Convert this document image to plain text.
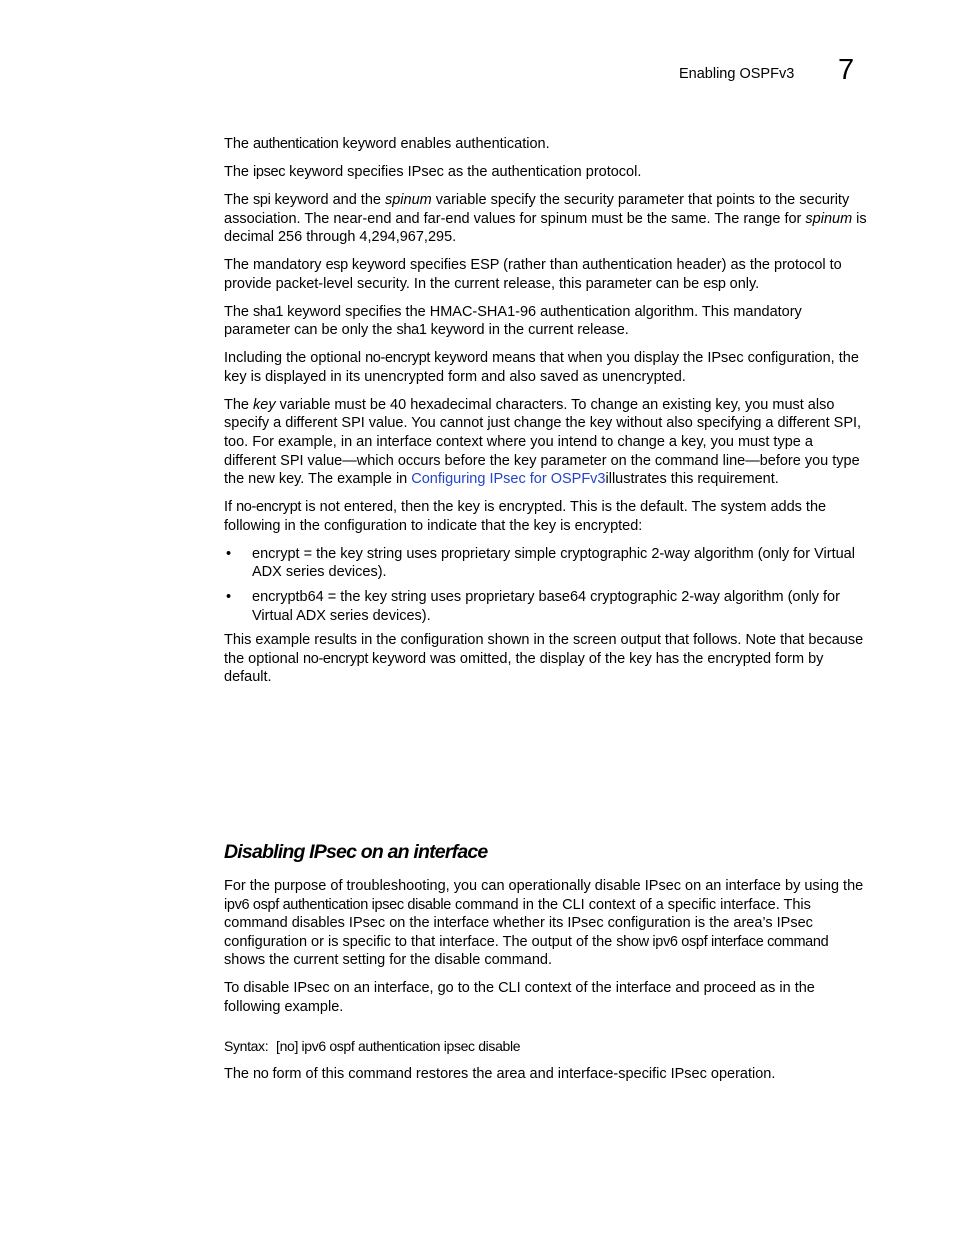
Enabling OSPFv3 7

The authentication keyword enables authentication.

The ipsec keyword specifies IPsec as the authentication protocol.

The spi keyword and the spinum variable specify the security parameter that points to the security association. The near-end and far-end values for spinum must be the same. The range for spinum is decimal 256 through 4,294,967,295.

The mandatory esp keyword specifies ESP (rather than authentication header) as the protocol to provide packet-level security. In the current release, this parameter can be esp only.

The sha1 keyword specifies the HMAC-SHA1-96 authentication algorithm. This mandatory parameter can be only the sha1 keyword in the current release.

Including the optional no-encrypt keyword means that when you display the IPsec configuration, the key is displayed in its unencrypted form and also saved as unencrypted.

The key variable must be 40 hexadecimal characters. To change an existing key, you must also specify a different SPI value. You cannot just change the key without also specifying a different SPI, too. For example, in an interface context where you intend to change a key, you must type a different SPI value—which occurs before the key parameter on the command line—before you type the new key. The example in Configuring IPsec for OSPFv3illustrates this requirement.

If no-encrypt is not entered, then the key is encrypted. This is the default. The system adds the following in the configuration to indicate that the key is encrypted:

• encrypt = the key string uses proprietary simple cryptographic 2-way algorithm (only for Virtual ADX series devices).
• encryptb64 = the key string uses proprietary base64 cryptographic 2-way algorithm (only for Virtual ADX series devices).

This example results in the configuration shown in the screen output that follows. Note that because the optional no-encrypt keyword was omitted, the display of the key has the encrypted form by default.

Disabling IPsec on an interface

For the purpose of troubleshooting, you can operationally disable IPsec on an interface by using the ipv6 ospf authentication ipsec disable command in the CLI context of a specific interface. This command disables IPsec on the interface whether its IPsec configuration is the area’s IPsec configuration or is specific to that interface. The output of the show ipv6 ospf interface command shows the current setting for the disable command.

To disable IPsec on an interface, go to the CLI context of the interface and proceed as in the following example.

Syntax: [no] ipv6 ospf authentication ipsec disable

The no form of this command restores the area and interface-specific IPsec operation.
